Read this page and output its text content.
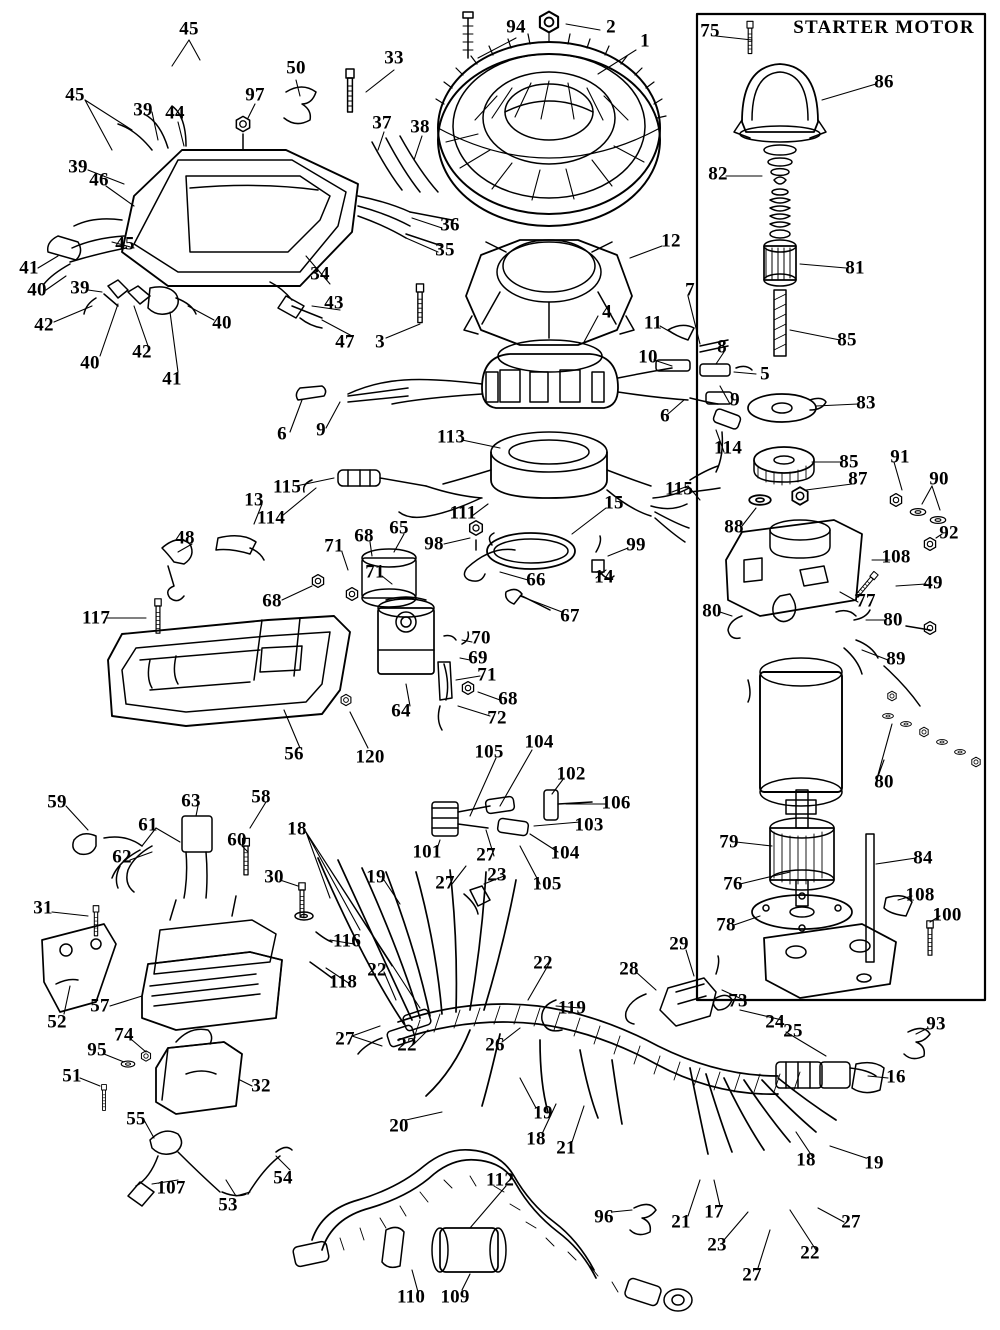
STARTER MOTOR
94	2
1	75
45
33
50
86
45
39 44
97
37 38
39
46	82
36
35
45	12
41
40 39
81
34
43
7
42	40	11
4
85
47 3
40
42	10	8
5
41
83
6 9
6
9
113
85 91
90
115
114
115	87
13
114	111	15
88	92
48	98	99
108
71 68 65
49
71	66	14
68	77
67
117	80	80
70
69	89
71
68
64	72
56	120	105 104
102	80
63	58	106
59
61	18	103
79
60
101 27	104
62
30	19	27 23 105
84
76
31
108
100
78
116
118
22	22
29
52
57
28
73
24
119
27 22	26
25	93
74
95
16
51	32
55	19
20
18 21
19
18
107
53
54	112
96	21 17
23
27
22
27
110 109
